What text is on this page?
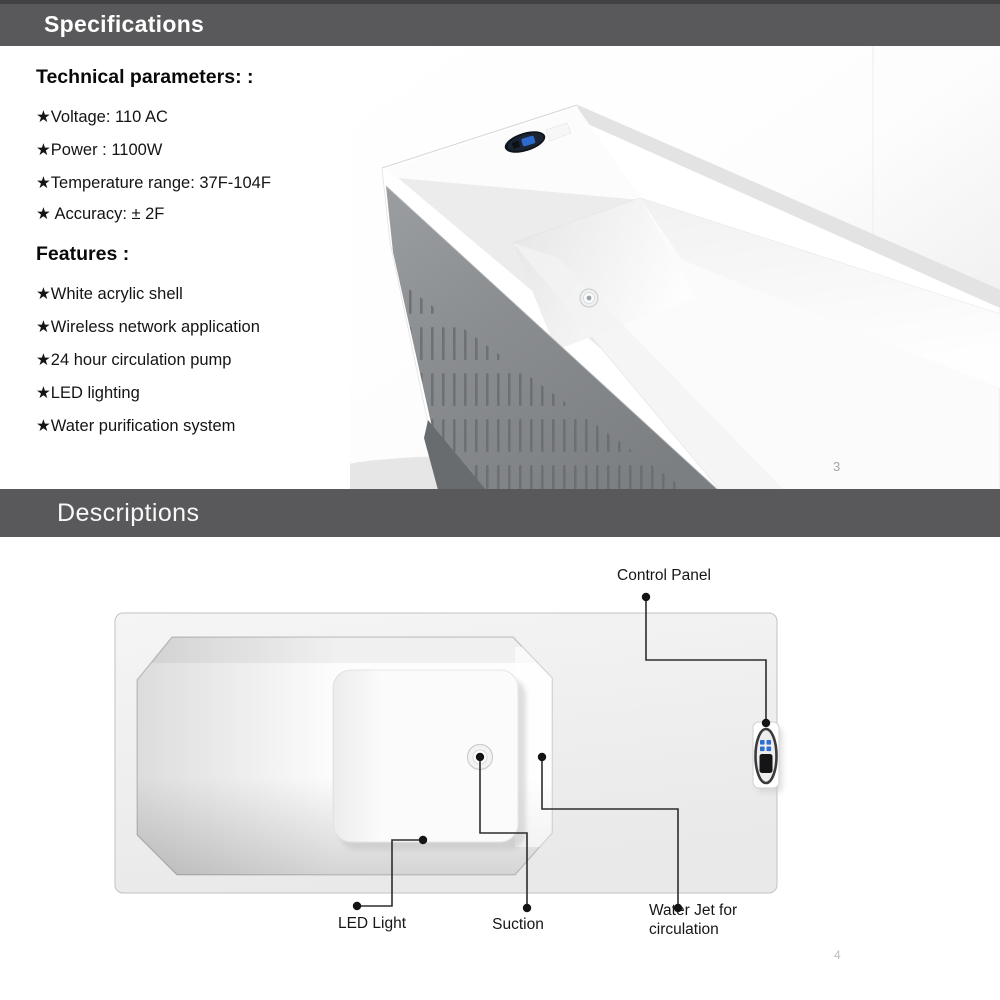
Specifications
Technical parameters: :
★Voltage: 110 AC
★Power : 1100W
★Temperature range: 37F-104F
★ Accuracy: ± 2F
Features :
★White acrylic shell
★Wireless network application
★24 hour circulation pump
★LED lighting
★Water purification system
3
Descriptions
Control Panel
LED Light	Suction
Water Jet for
circulation
4
